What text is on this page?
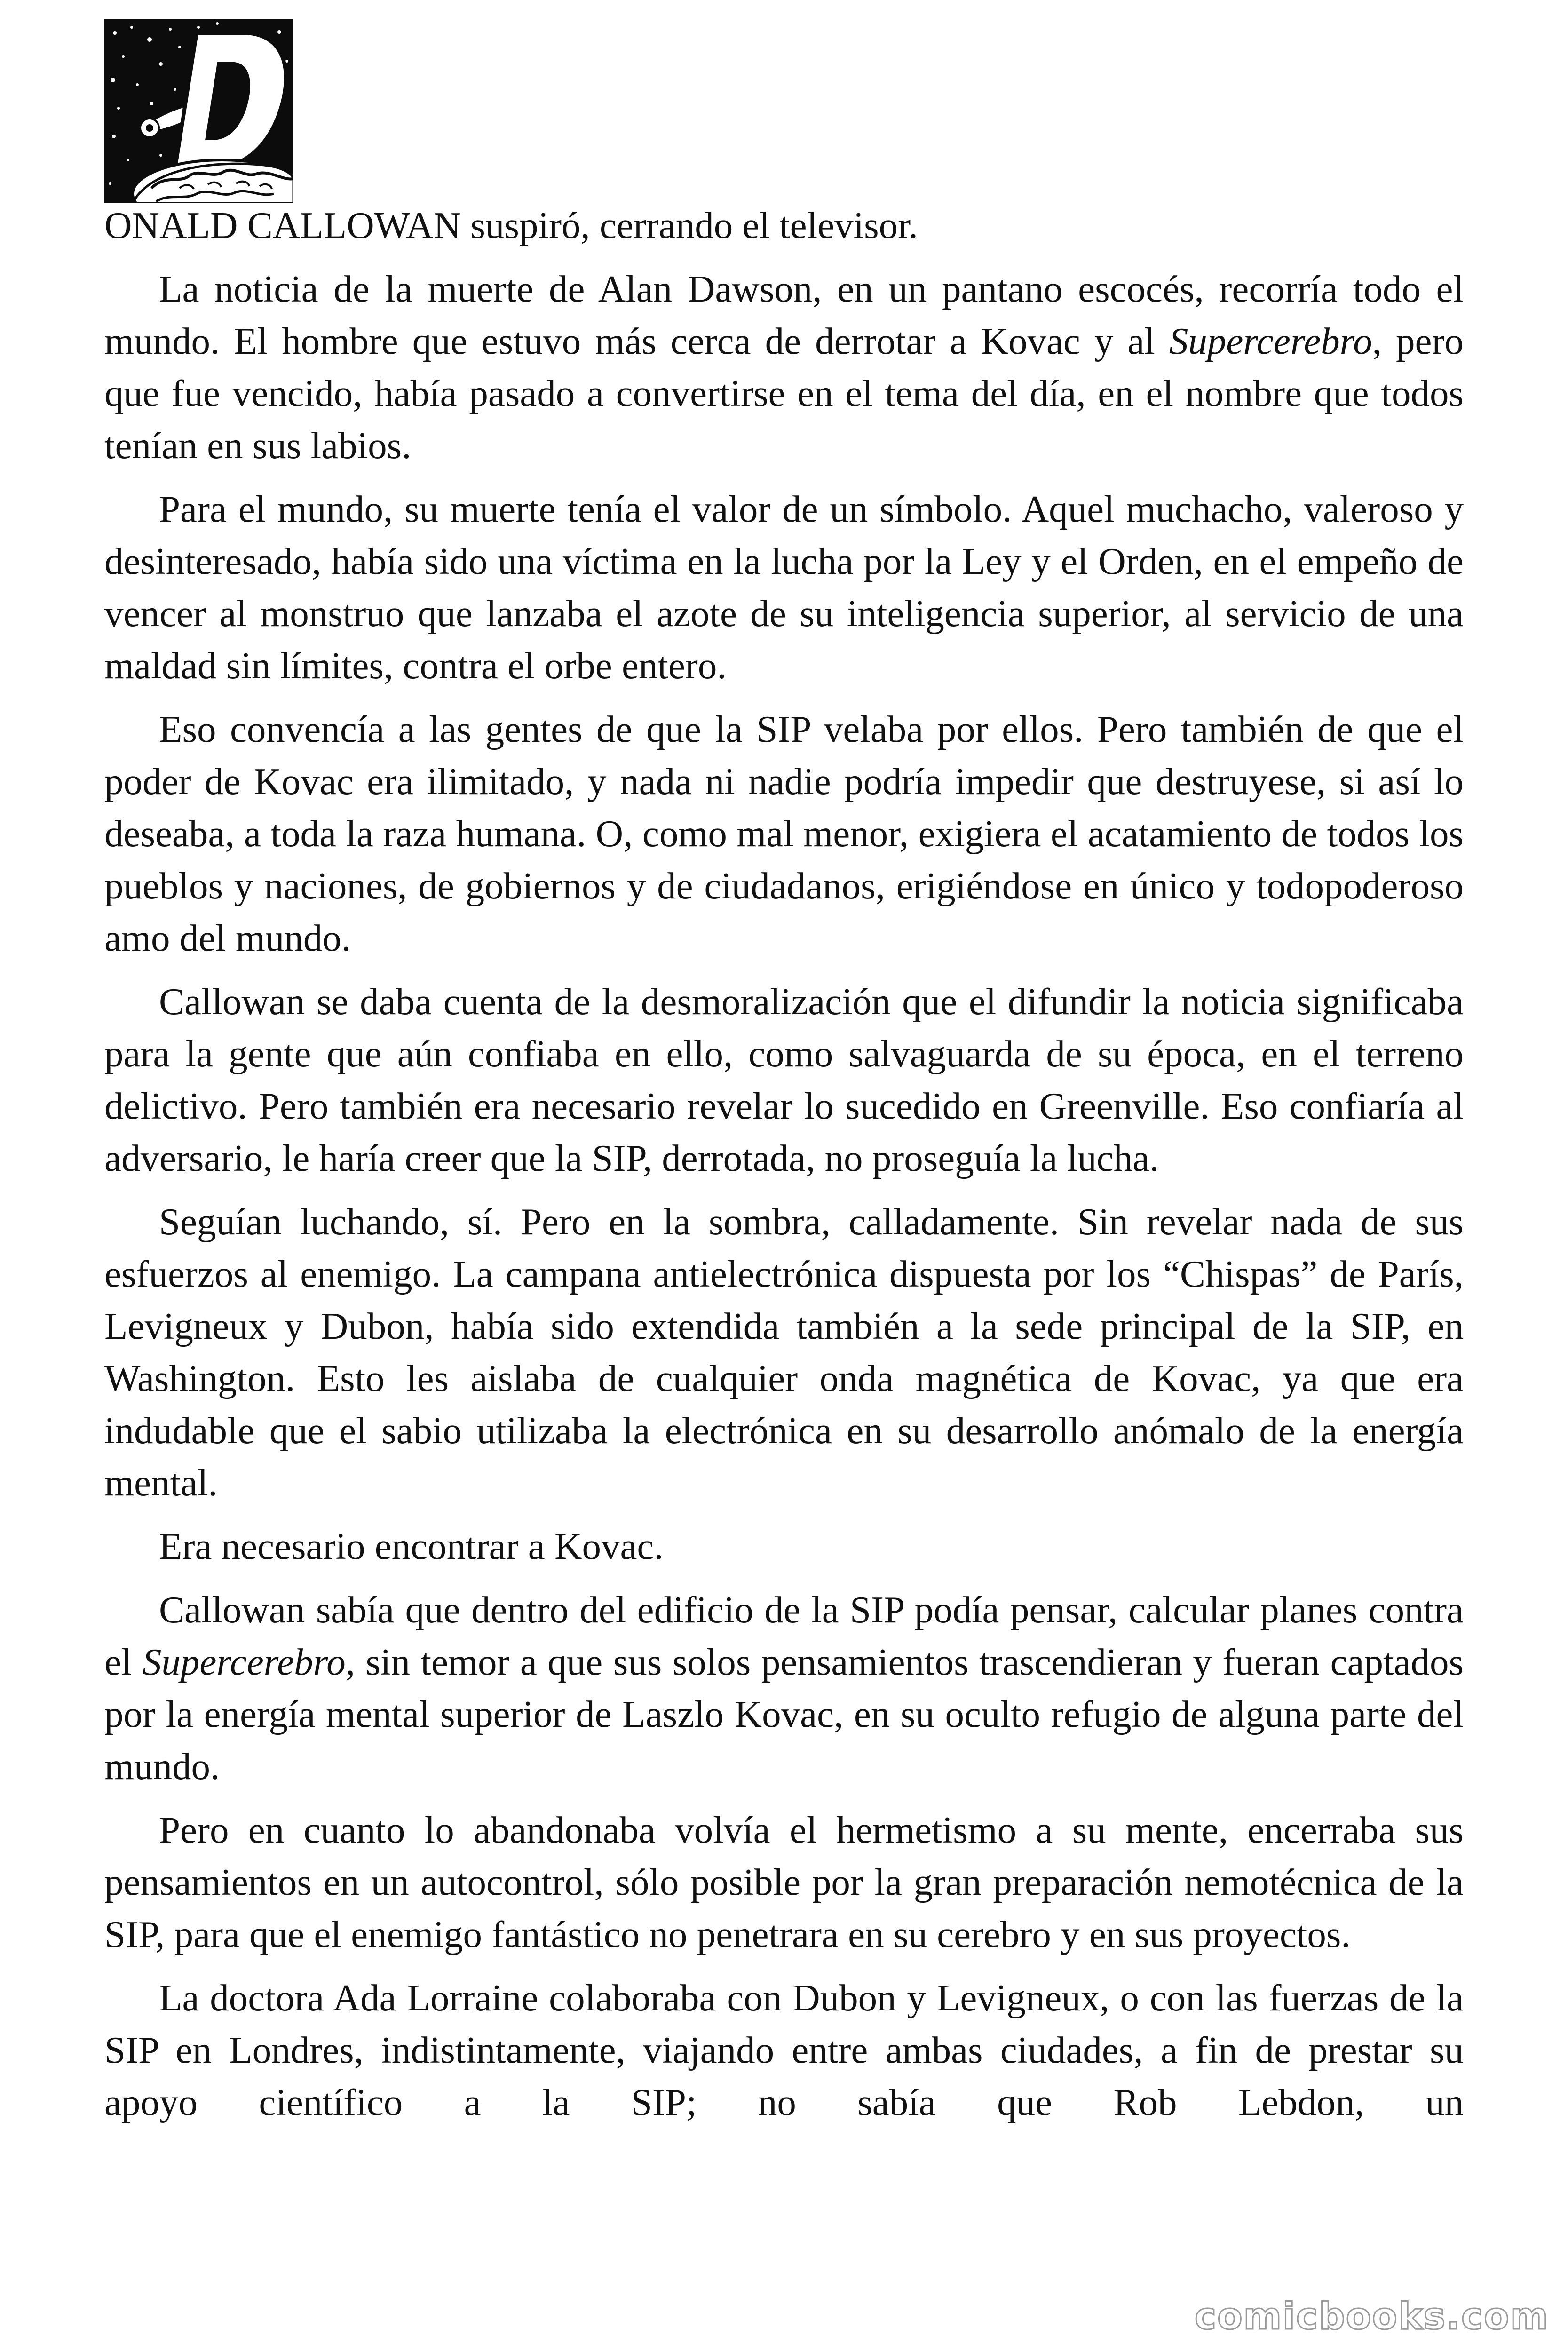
ONALD CALLOWAN suspiró, cerrando el televisor.

La noticia de la muerte de Alan Dawson, en un pantano escocés, recorría todo el mundo. El hombre que estuvo más cerca de derrotar a Kovac y al Supercerebro, pero que fue vencido, había pasado a convertirse en el tema del día, en el nombre que todos tenían en sus labios.

Para el mundo, su muerte tenía el valor de un símbolo. Aquel muchacho, valeroso y desinteresado, había sido una víctima en la lucha por la Ley y el Orden, en el empeño de vencer al monstruo que lanzaba el azote de su inteligencia superior, al servicio de una maldad sin límites, contra el orbe entero.

Eso convencía a las gentes de que la SIP velaba por ellos. Pero también de que el poder de Kovac era ilimitado, y nada ni nadie podría impedir que destruyese, si así lo deseaba, a toda la raza humana. O, como mal menor, exigiera el acatamiento de todos los pueblos y naciones, de gobiernos y de ciudadanos, erigiéndose en único y todopoderoso amo del mundo.

Callowan se daba cuenta de la desmoralización que el difundir la noticia significaba para la gente que aún confiaba en ello, como salvaguarda de su época, en el terreno delictivo. Pero también era necesario revelar lo sucedido en Greenville. Eso confiaría al adversario, le haría creer que la SIP, derrotada, no proseguía la lucha.

Seguían luchando, sí. Pero en la sombra, calladamente. Sin revelar nada de sus esfuerzos al enemigo. La campana antielectrónica dispuesta por los “Chispas” de París, Levigneux y Dubon, había sido extendida también a la sede principal de la SIP, en Washington. Esto les aislaba de cualquier onda magnética de Kovac, ya que era indudable que el sabio utilizaba la electrónica en su desarrollo anómalo de la energía mental.

Era necesario encontrar a Kovac.

Callowan sabía que dentro del edificio de la SIP podía pensar, calcular planes contra el Supercerebro, sin temor a que sus solos pensamientos trascendieran y fueran captados por la energía mental superior de Laszlo Kovac, en su oculto refugio de alguna parte del mundo.

Pero en cuanto lo abandonaba volvía el hermetismo a su mente, encerraba sus pensamientos en un autocontrol, sólo posible por la gran preparación nemotécnica de la SIP, para que el enemigo fantástico no penetrara en su cerebro y en sus proyectos.

La doctora Ada Lorraine colaboraba con Dubon y Levigneux, o con las fuerzas de la SIP en Londres, indistintamente, viajando entre ambas ciudades, a fin de prestar su apoyo científico a la SIP; no sabía que Rob Lebdon, un

comicbooks.com
